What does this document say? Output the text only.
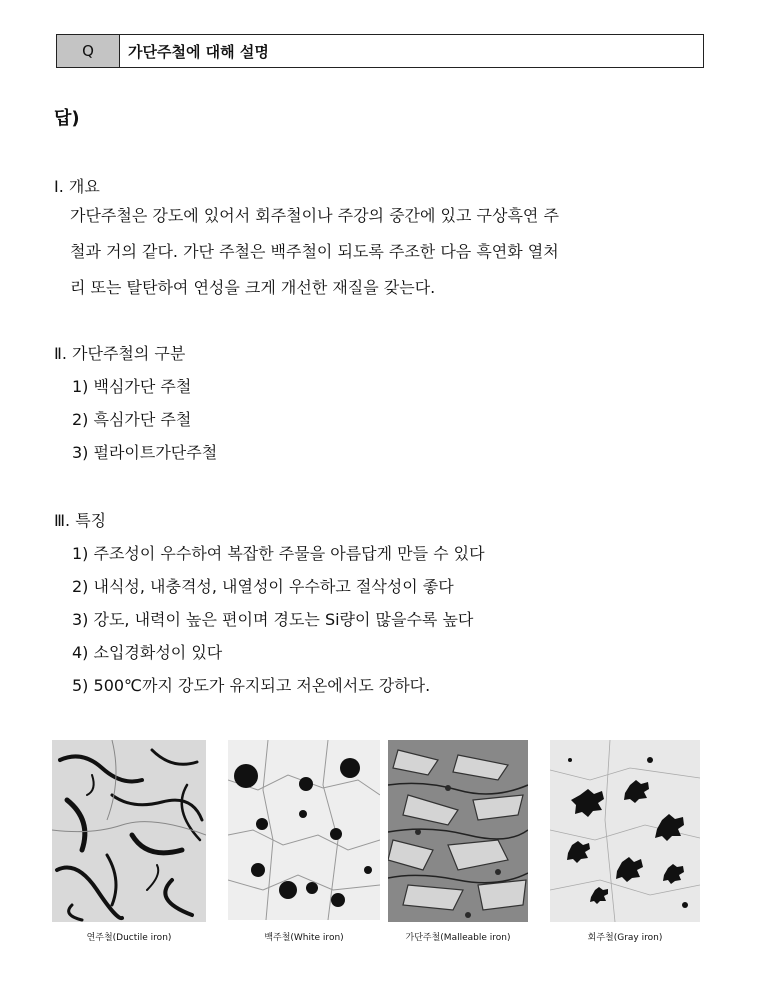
Q	가단주철에 대해 설명
답)
Ⅰ. 개요
가단주철은 강도에 있어서 회주철이나 주강의 중간에 있고 구상흑연 주
철과 거의 같다. 가단 주철은 백주철이 되도록 주조한 다음 흑연화 열처
리 또는 탈탄하여 연성을 크게 개선한 재질을 갖는다.
Ⅱ. 가단주철의 구분
1) 백심가단 주철
2) 흑심가단 주철
3) 펄라이트가단주철
Ⅲ. 특징
1) 주조성이 우수하여 복잡한 주물을 아름답게 만들 수 있다
2) 내식성, 내충격성, 내열성이 우수하고 절삭성이 좋다
3) 강도, 내력이 높은 편이며 경도는 Si량이 많을수록 높다
4) 소입경화성이 있다
5) 500℃까지 강도가 유지되고 저온에서도 강하다.
연주철(Ductile iron)	백주철(White iron)	가단주철(Malleable iron)	회주철(Gray iron)
